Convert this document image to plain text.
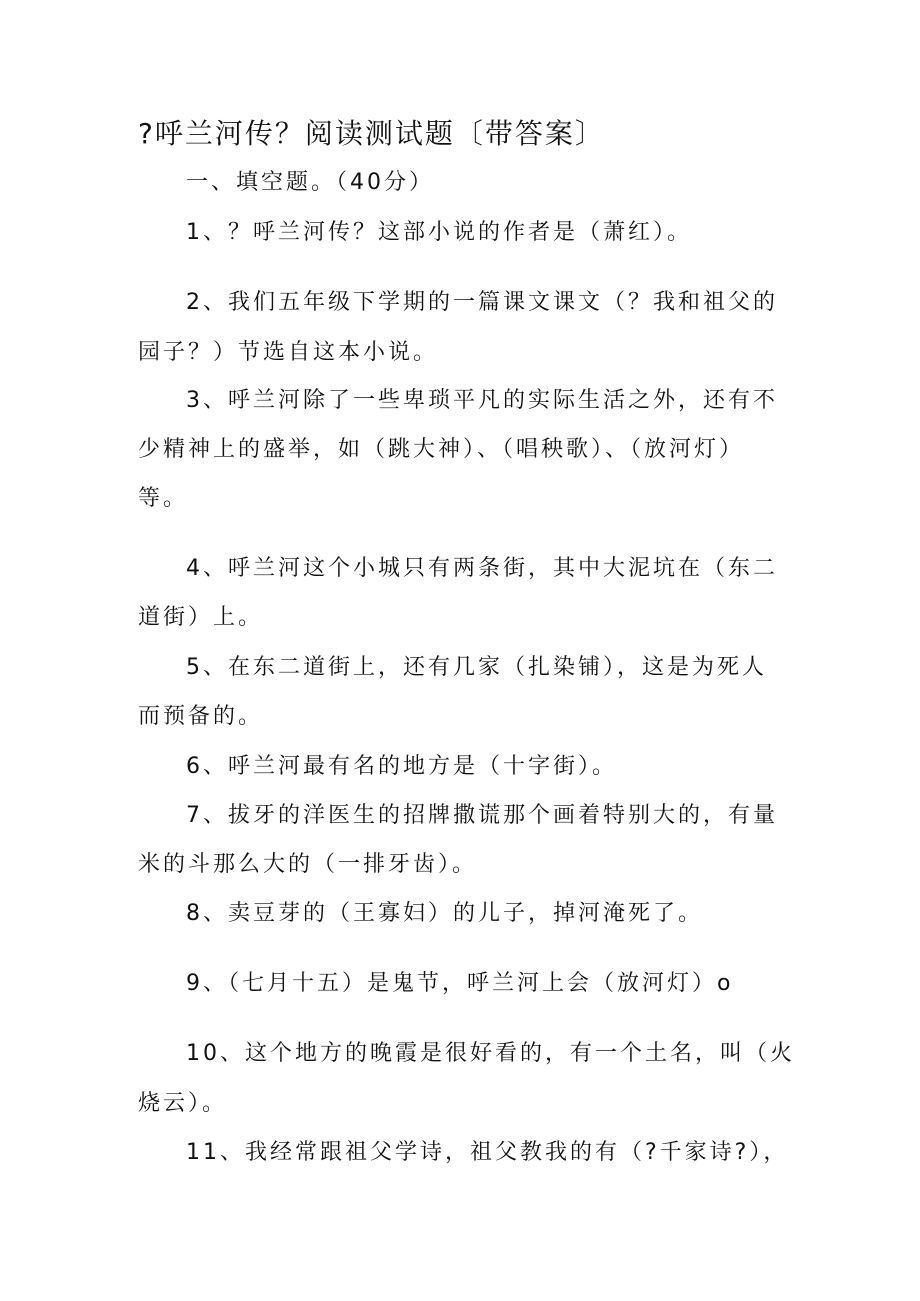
?呼兰河传？阅读测试题〔带答案〕
一、填空题。（40分）
1、？呼兰河传？这部小说的作者是（萧红）。
2、我们五年级下学期的一篇课文课文（？我和祖父的
园子？）节选自这本小说。
3、呼兰河除了一些卑琐平凡的实际生活之外，还有不
少精神上的盛举，如（跳大神）、（唱秧歌）、（放河灯）
等。
4、呼兰河这个小城只有两条街，其中大泥坑在（东二
道街）上。
5、在东二道街上，还有几家（扎染铺），这是为死人
而预备的。
6、呼兰河最有名的地方是（十字街）。
7、拔牙的洋医生的招牌撒谎那个画着特别大的，有量
米的斗那么大的（一排牙齿）。
8、卖豆芽的（王寡妇）的儿子，掉河淹死了。
9、（七月十五）是鬼节，呼兰河上会（放河灯）o
10、这个地方的晚霞是很好看的，有一个土名，叫（火
烧云）。
11、我经常跟祖父学诗，祖父教我的有（?千家诗?），
